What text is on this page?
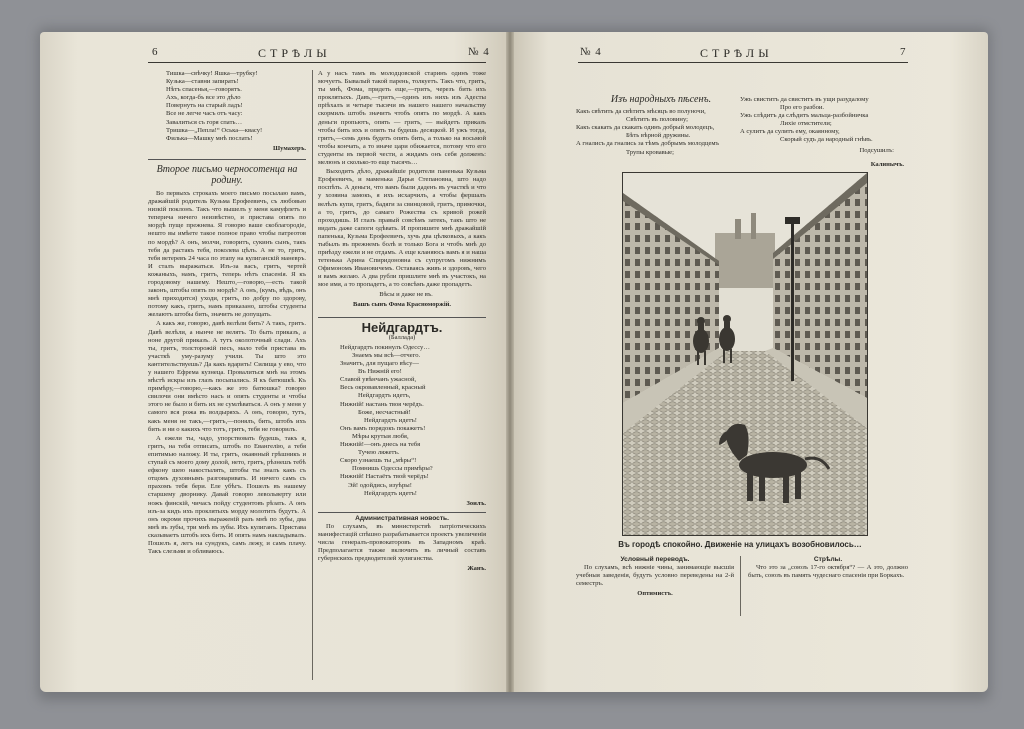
6	СТРѢЛЫ	№ 4	№ 4	СТРѢЛЫ	7
Тишка—свѣчку! Яшка—трубку!
Кузька—ставни запирать!
Нѣтъ спасенья,—говорятъ.
Ахъ, когда-бъ все это дѣло
Повернуть на старый ладъ!
Все не легче часъ отъ часу:
Завалиться съ горя спать…
Тришка—„Пепла!“ Оська—квасу!
Филька—Машку мнѣ послать!
Шумахеръ.
Второе письмо черносотенца на родину.

Во первыхъ строкахъ моего письмо посылаю вамъ, дражайшiй родитель Кузьма Ерофеевичъ, съ любовью низкiй поклонъ. Такъ что вышелъ у меня камуфлетъ и теперича ничего неизвѣстно, и пристава опять по мордѣ пуще прежнева. Я говорю ваше скоблагородiе, нешто вы имѣете такое полное право чтобы патреотов по мордѣ? А онъ, молчи, говоритъ, сукинъ сынъ, такъ тебя да растакъ тебя, поколева цѣлъ. А не то, гритъ, тебя ветеревъ 24 часа по этапу на кулиганскiй маневръ. И сталъ выражаться. Изъ-за васъ, гритъ, чертей кожаныхъ, намъ, гритъ, теперь нѣтъ спасенiя. Я къ городовому нашему. Нешто,—говорю,—есть такой законъ, штобы опять по мордѣ? А онъ, (кумъ, вѣдь, онъ мнѣ приходится) уходи, гритъ, по добру по здорову, потому какъ, гритъ, намъ приказано, штобы студенты желаютъ штобы бить, значитъ не допущать.

А какъ же, говорю, давѣ велѣли бить? А такъ, гритъ. Давѣ велѣли, а нынче не велятъ. То быть приказъ, а ноне другой приказъ. А тутъ околоточный слади. Ахъ ты, гритъ, толсторожiй песъ, мало тебя пристава въ участкѣ уму-разуму учили. Ты што это кантительствуешь? Да какъ вдарить! Силища у ево, что у нашего Ефрема кузнеца. Провалиться мнѣ на этомъ мѣстѣ искры изъ глазъ посыпались. Я къ батюшкѣ. Къ примѣру,—говорю,—какъ же это батюшка? говорю свилочи они вмѣсто насъ и опять студенты и чтобы этого не было и бить их не сумлѣваться. А онъ у меня у самого вся рожа въ волдыряхъ. А онъ, говорю, тутъ, какъ меня не такъ,—гритъ,—понялъ, бить, штобъ ихъ бить и ни о какихъ что тотъ, гритъ, тебя не говорилъ.

А ежели ты, чадо, упорствовать будешь, такъ я, гритъ, на тебя отписать, штобъ по Евангелiю, а тебя епитимью наложу. И ты, гритъ, окаянный грѣшникъ и ступай съ моего дому долой, нето, гритъ, рѣзнешъ тебѣ ефкону шею накостылять, штобы ты зналъ какъ съ отцомъ духовнымъ разговаривать. И ничего самъ съ прахомъ тебя бери. Еле убѣгъ. Пошелъ въ нашему старшему дворнику. Давай говорю левольверту или ножъ финскiй, чичасъ пойду студентовъ рѣзать. А онъ изъ-за кидъ ихъ проклятыхъ морду молотить будутъ. А онъ окромя прочихъ выраженiй разъ мнѣ по зубы, два мнѣ въ зубы, три мнѣ въ зубы. Ихъ кулиганъ. Пристава сказываетъ штобъ ихъ бить. И опять намъ накладывалъ. Пошелъ я, легъ на сундукъ, самъ лежу, и самъ плачу. Такъ слезьми и обливаюсь.

А у насъ тамъ въ молодцовской старинъ одинъ тоже мочуетъ. Бывалый такой парень, толкуетъ. Такъ что, гритъ, ты мнѣ, Фома, придеть еще,—гритъ, черезъ бить ихъ проклятыхъ. Давъ,—гритъ,—одинъ изъ нихъ изъ Адесты прiѣхалъ и четыре тысячи въ нашего нашего начальству скормилъ штобъ значитъ чтобъ опять по мордѣ. А какъ деньги пропьютъ, опять — гритъ, — выйдетъ приказъ чтобы бить ихъ и опять ты будешь десяцкой. И ужъ тогда, гритъ,—семь день будетъ опять бить, а только на восьмой чтобы кончать, а то иначе цари обижается, потому что его студенты въ первой чести, а жидамъ онъ себя долженъ: мелюнъ и сколько-то еще тысячъ…

Выходитъ дѣло, дражайшiе родители паненька Кузьма Ерофеевичъ, и маменька Дарья Степановна, што надо поспѣть. А деньги, что вамъ были даденъ въ участкѣ и что у хозяина замокъ, я ихъ исхарчилъ, а чтобы фершалъ велѣлъ купи, гритъ, бадяги за свинцовой, гритъ, примочки, а то, гритъ, до самаго Рожества съ кривой рожей проходишь. И глазъ правый совсѣмъ затекъ, такъ што не видать даже сапоги одѣвать. И пропишите мнѣ дражайшiй папенька, Кузьма Ерофеевичъ, хучь два цѣлковыхъ, а какъ тыбылъ въ прежнемъ болѣ и только Бога и чтобъ мнѣ до приѣзду ежели и не отдамъ. А еще кланяюсь вамъ я и наша тетенька Арина Спиридоновна съ супругомъ нижнимъ Офимономъ Ивановичемъ. Оставаясь живъ и здоровъ, чего и вамъ желаю. А два рубли пришлите мнѣ въ участокъ, на мое имя, а то пропадетъ, а то совсѣмъ даже пропадетъ.

Вѣсы и даже не въ.

Вашъ сынъ Фома Красноморжiй.
Нейдгардтъ.
(Баллада)
Нейдгардтъ покинулъ Одессу…
Знаемъ мы всѣ—отчего.
Значитъ, для пущаго вѣсу—
Въ Нижнiй его!
Славой увѣнчанъ ужасной,
Весь окровавленный, красный
Нейдгардтъ идетъ,
Нижнiй! настань твоя черёдъ.
Боже, несчастный!
Нейдгардтъ идетъ!
Онъ вамъ порядокъ покажетъ!
Мѣры крутыя любя,
Нижнiй!—онъ днесь на тебя
Тучею ляжетъ.
Скоро узнаешь ты „мѣры“!
Помнишь Одессы примѣры?
Нижнiй! Настаётъ твой черёдъ!
Эй! одойдись, изуѣры!
Нейдгардтъ идетъ!
Зоилъ.
Административная новость.

По слухамъ, въ министерствѣ патрiотическихъ манифестацiй спѣшно разрабатывается проектъ увеличенiя числа генералъ-провокаторовъ въ Западномъ краѣ. Предполагается также включить въ личный составъ губернскихъ предводителей хулиганства.

Жанъ.
Изъ народныхъ пѣсенъ.
Какъ свѣтить да свѣтитъ мѣсяцъ во полуночи,
Свѣтитъ въ половину;
Какъ скакать да скакать одинъ добрый молодецъ,
Бѣть вѣрной дружины.
А гналисъ да гнались за тѣмъ добрымъ молодцемъ
Трупы кровавые;
Ужъ свиститъ да свиститъ въ ущи разудалому
Про его разбои.
Ужъ слѣдитъ да слѣдитъ мальца-разбойничка
Лихiе отмстители;
А сулитъ да сулитъ ему, окаянному,
Скорый судъ да народный гнѣвъ.
Подсушилъ:
Калинычъ.
Въ городѣ спокойно. Движенiе на улицахъ возобновилось…
Условный переводъ.

По слухамъ, всѣ нижнiе чины, занимающiе высшiя учебныя заведенiя, будутъ условно переведены на 2-й семестръ.

Оптимистъ.
Стрѣлы.

Что это за „союзъ 17-го октября“? — А это, должно быть, союзъ въ память чудеснаго спасенiя при Боркахъ.
